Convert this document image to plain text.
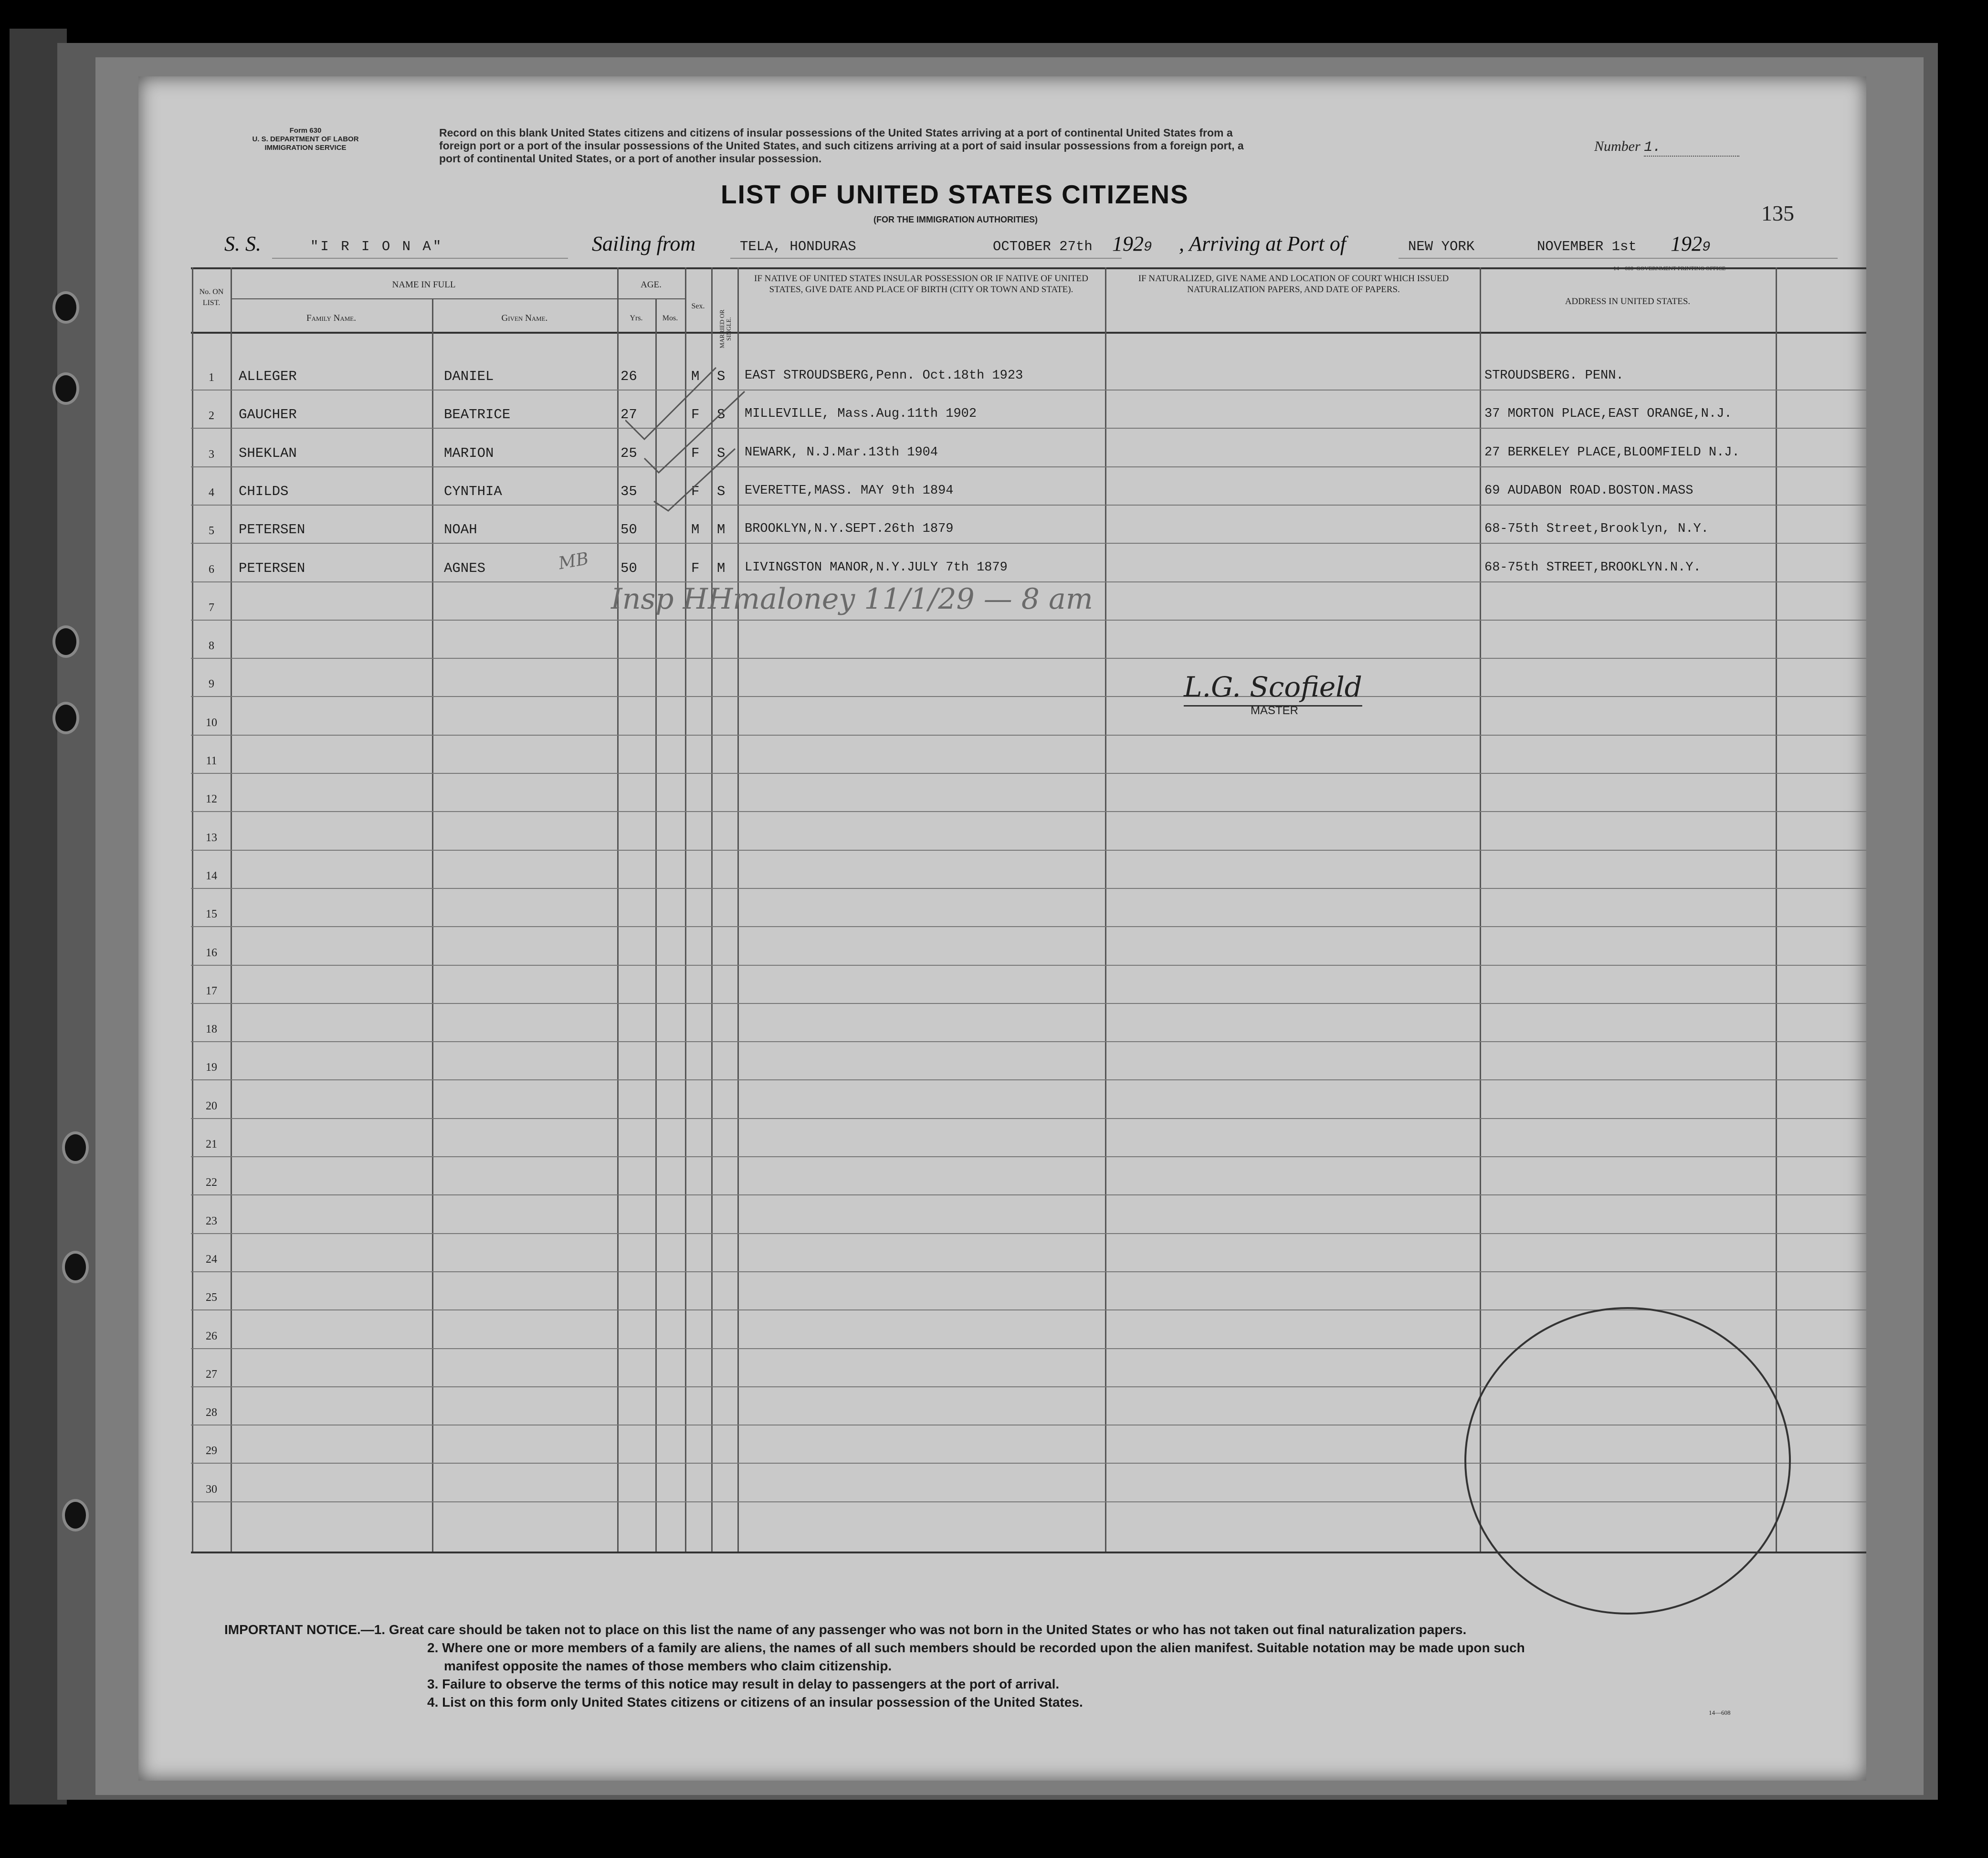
Form 630
U. S. DEPARTMENT OF LABOR
IMMIGRATION SERVICE
Record on this blank United States citizens and citizens of insular possessions of the United States arriving at a port of continental United States from a
foreign port or a port of the insular possessions of the United States, and such citizens arriving at a port of said insular possessions from a foreign port, a
port of continental United States, or a port of another insular possession.
Number 1.
135
LIST OF UNITED STATES CITIZENS
(FOR THE IMMIGRATION AUTHORITIES)
S. S.	"I R I O N A"	Sailing from	TELA, HONDURAS	OCTOBER 27th 1929 , Arriving at Port of	NEW YORK	NOVEMBER 1st 1929

No. ON LIST.
NAME IN FULL
Family Name.	Given Name.
AGE.
Yrs.	Mos.
Sex.
MARRIED OR SINGLE.
IF NATIVE OF UNITED STATES INSULAR POSSESSION OR IF NATIVE OF UNITED STATES, GIVE DATE AND PLACE OF BIRTH (CITY OR TOWN AND STATE).
IF NATURALIZED, GIVE NAME AND LOCATION OF COURT WHICH ISSUED NATURALIZATION PAPERS, AND DATE OF PAPERS.
ADDRESS IN UNITED STATES.
1	ALLEGER	DANIEL	26	M S EAST STROUDSBERG,Penn. Oct.18th 1923	STROUDSBERG. PENN.
2	GAUCHER	BEATRICE	27	F S MILLEVILLE, Mass.Aug.11th 1902	37 MORTON PLACE,EAST ORANGE,N.J.
3	SHEKLAN	MARION	25	F S NEWARK, N.J.Mar.13th 1904	27 BERKELEY PLACE,BLOOMFIELD N.J.
4	CHILDS	CYNTHIA	35	F S EVERETTE,MASS. MAY 9th 1894	69 AUDABON ROAD.BOSTON.MASS
5	PETERSEN	NOAH	50	M M BROOKLYN,N.Y.SEPT.26th 1879	68-75th Street,Brooklyn, N.Y.
6	PETERSEN	AGNES	50	F M LIVINGSTON MANOR,N.Y.JULY 7th 1879	68-75th STREET,BROOKLYN.N.Y.
7
8
9
10
11
12
13
14
15
16
17
18
19
20
21
22
23
24
25
26
27
28
29
30
Insp HHmaloney 11/1/29 — 8 am
MB
L.G. Scofield
MASTER
IMPORTANT NOTICE.—1. Great care should be taken not to place on this list the name of any passenger who was not born in the United States or who has not taken out final naturalization papers.
2. Where one or more members of a family are aliens, the names of all such members should be recorded upon the alien manifest. Suitable notation may be made upon such
manifest opposite the names of those members who claim citizenship.
3. Failure to observe the terms of this notice may result in delay to passengers at the port of arrival.
4. List on this form only United States citizens or citizens of an insular possession of the United States.
14—608
